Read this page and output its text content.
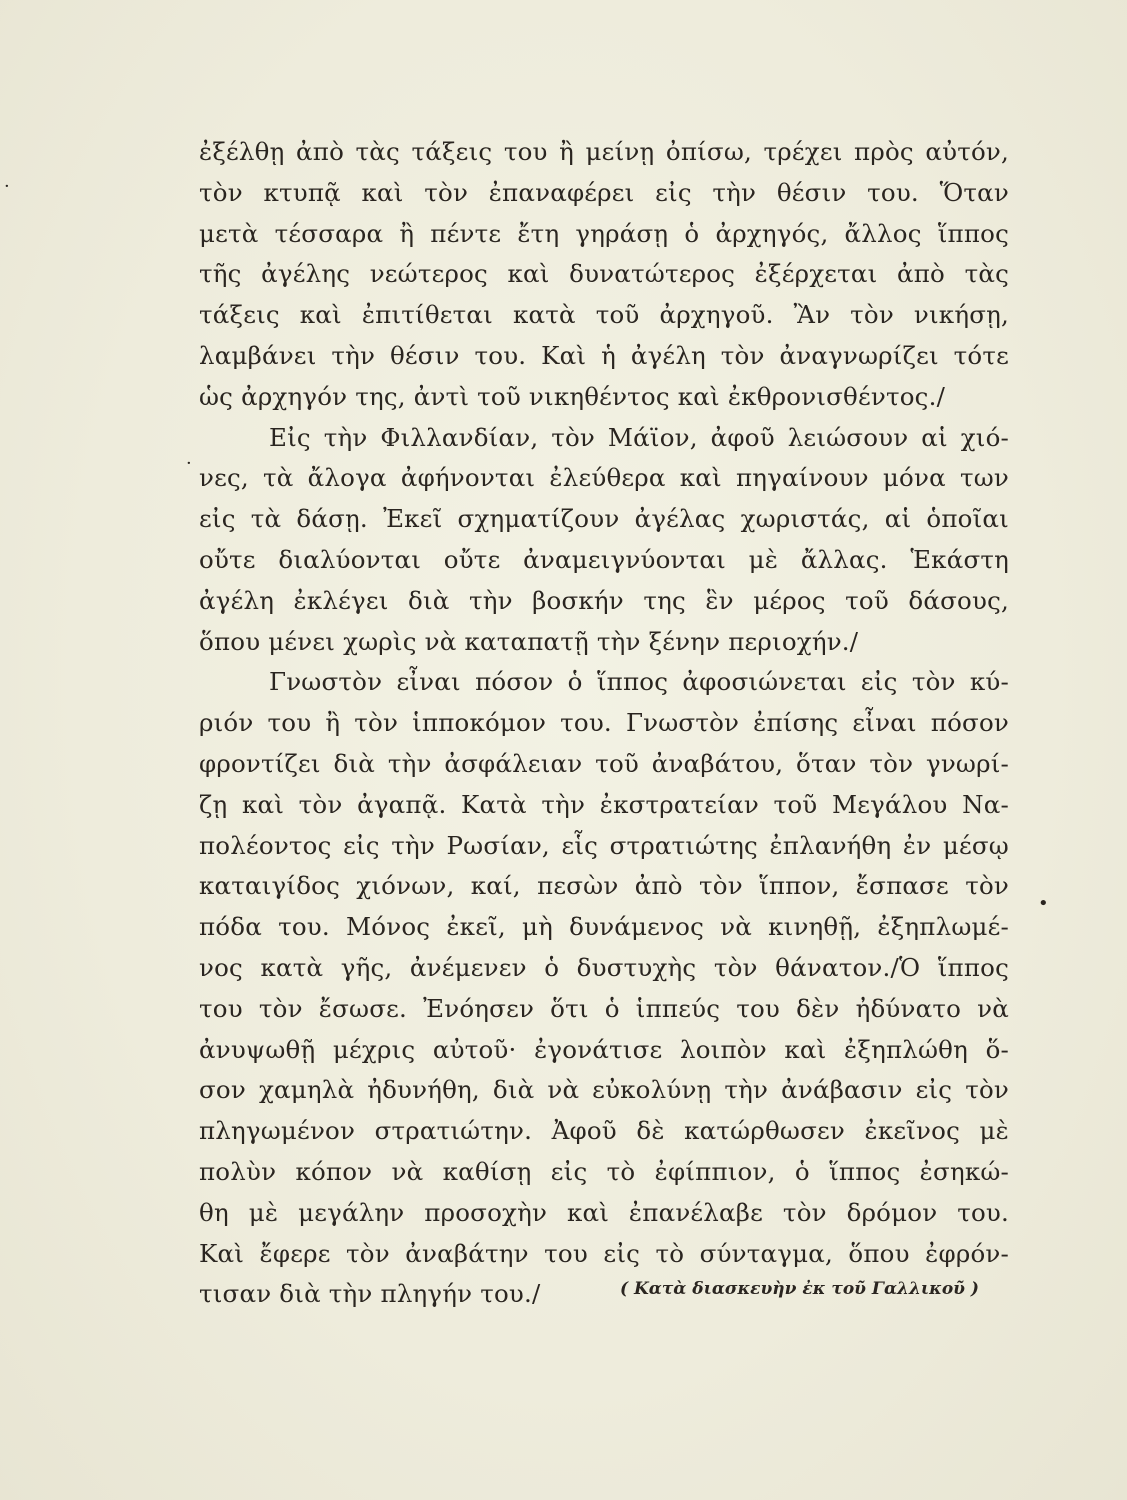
ἐξέλθῃ ἀπὸ τὰς τάξεις του ἢ μείνῃ ὀπίσω, τρέχει πρὸς αὐτόν,
τὸν κτυπᾷ καὶ τὸν ἐπαναφέρει εἰς τὴν θέσιν του. Ὅταν
μετὰ τέσσαρα ἢ πέντε ἔτη γηράσῃ ὁ ἀρχηγός, ἄλλος ἵππος
τῆς ἀγέλης νεώτερος καὶ δυνατώτερος ἐξέρχεται ἀπὸ τὰς
τάξεις καὶ ἐπιτίθεται κατὰ τοῦ ἀρχηγοῦ. Ἂν τὸν νικήσῃ,
λαμβάνει τὴν θέσιν του. Καὶ ἡ ἀγέλη τὸν ἀναγνωρίζει τότε
ὡς ἀρχηγόν της, ἀντὶ τοῦ νικηθέντος καὶ ἐκθρονισθέντος./
Εἰς τὴν Φιλλανδίαν, τὸν Μάϊον, ἀφοῦ λειώσουν αἱ χιό-
νες, τὰ ἄλογα ἀφήνονται ἐλεύθερα καὶ πηγαίνουν μόνα των
εἰς τὰ δάσῃ. Ἐκεῖ σχηματίζουν ἀγέλας χωριστάς, αἱ ὁποῖαι
οὔτε διαλύονται οὔτε ἀναμειγνύονται μὲ ἄλλας. Ἑκάστη
ἀγέλη ἐκλέγει διὰ τὴν βοσκήν της ἓν μέρος τοῦ δάσους,
ὅπου μένει χωρὶς νὰ καταπατῇ τὴν ξένην περιοχήν./
Γνωστὸν εἶναι πόσον ὁ ἵππος ἀφοσιώνεται εἰς τὸν κύ-
ριόν του ἢ τὸν ἱπποκόμον του. Γνωστὸν ἐπίσης εἶναι πόσον
φροντίζει διὰ τὴν ἀσφάλειαν τοῦ ἀναβάτου, ὅταν τὸν γνωρί-
ζῃ καὶ τὸν ἀγαπᾷ. Κατὰ τὴν ἐκστρατείαν τοῦ Μεγάλου Να-
πολέοντος εἰς τὴν Ρωσίαν, εἷς στρατιώτης ἐπλανήθη ἐν μέσῳ
καταιγίδος χιόνων, καί, πεσὼν ἀπὸ τὸν ἵππον, ἔσπασε τὸν
πόδα του. Μόνος ἐκεῖ, μὴ δυνάμενος νὰ κινηθῇ, ἐξηπλωμέ-
νος κατὰ γῆς, ἀνέμενεν ὁ δυστυχὴς τὸν θάνατον./Ὁ ἵππος
του τὸν ἔσωσε. Ἐνόησεν ὅτι ὁ ἱππεύς του δὲν ἠδύνατο νὰ
ἀνυψωθῇ μέχρις αὐτοῦ· ἐγονάτισε λοιπὸν καὶ ἐξηπλώθη ὅ-
σον χαμηλὰ ἠδυνήθη, διὰ νὰ εὐκολύνῃ τὴν ἀνάβασιν εἰς τὸν
πληγωμένον στρατιώτην. Ἀφοῦ δὲ κατώρθωσεν ἐκεῖνος μὲ
πολὺν κόπον νὰ καθίσῃ εἰς τὸ ἐφίππιον, ὁ ἵππος ἐσηκώ-
θη μὲ μεγάλην προσοχὴν καὶ ἐπανέλαβε τὸν δρόμον του.
Καὶ ἔφερε τὸν ἀναβάτην του εἰς τὸ σύνταγμα, ὅπου ἐφρόν-
τισαν διὰ τὴν πληγήν του./	( Κατὰ διασκευὴν ἐκ τοῦ Γαλλικοῦ )
·
·
•
